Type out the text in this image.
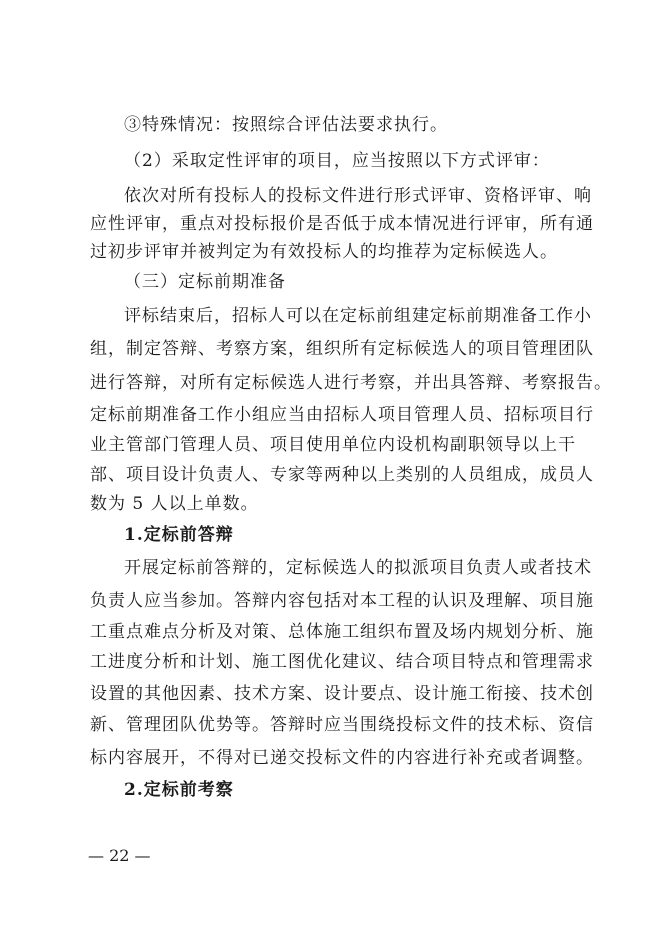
③特殊情况：按照综合评估法要求执行。
（2）采取定性评审的项目，应当按照以下方式评审：
依次对所有投标人的投标文件进行形式评审、资格评审、响
应性评审，重点对投标报价是否低于成本情况进行评审，所有通
过初步评审并被判定为有效投标人的均推荐为定标候选人。
（三）定标前期准备
评标结束后，招标人可以在定标前组建定标前期准备工作小
组，制定答辩、考察方案，组织所有定标候选人的项目管理团队
进行答辩，对所有定标候选人进行考察，并出具答辩、考察报告。
定标前期准备工作小组应当由招标人项目管理人员、招标项目行
业主管部门管理人员、项目使用单位内设机构副职领导以上干
部、项目设计负责人、专家等两种以上类别的人员组成，成员人
数为 5 人以上单数。
1.定标前答辩
开展定标前答辩的，定标候选人的拟派项目负责人或者技术
负责人应当参加。答辩内容包括对本工程的认识及理解、项目施
工重点难点分析及对策、总体施工组织布置及场内规划分析、施
工进度分析和计划、施工图优化建议、结合项目特点和管理需求
设置的其他因素、技术方案、设计要点、设计施工衔接、技术创
新、管理团队优势等。答辩时应当围绕投标文件的技术标、资信
标内容展开，不得对已递交投标文件的内容进行补充或者调整。
2.定标前考察
— 22 —
